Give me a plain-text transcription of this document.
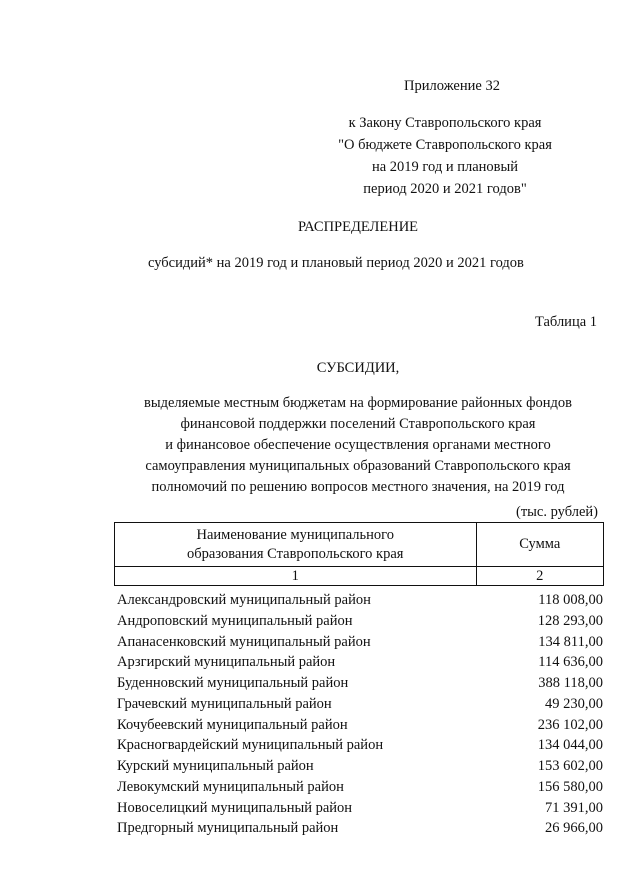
Приложение 32
к Закону Ставропольского края
"О бюджете Ставропольского края
на 2019 год и плановый
период 2020 и 2021 годов"
РАСПРЕДЕЛЕНИЕ
субсидий* на 2019 год и плановый период 2020 и 2021 годов
Таблица 1
СУБСИДИИ,
выделяемые местным бюджетам на формирование районных фондов
финансовой поддержки поселений Ставропольского края
и финансовое обеспечение осуществления органами местного
самоуправления муниципальных образований Ставропольского края
полномочий по решению вопросов местного значения, на 2019 год
(тыс. рублей)
Наименование муниципального
образования Ставропольского края	Сумма
1	2
Александровский муниципальный район	118 008,00
Андроповский муниципальный район	128 293,00
Апанасенковский муниципальный район	134 811,00
Арзгирский муниципальный район	114 636,00
Буденновский муниципальный район	388 118,00
Грачевский муниципальный район	49 230,00
Кочубеевский муниципальный район	236 102,00
Красногвардейский муниципальный район	134 044,00
Курский муниципальный район	153 602,00
Левокумский муниципальный район	156 580,00
Новоселицкий муниципальный район	71 391,00
Предгорный муниципальный район	26 966,00
